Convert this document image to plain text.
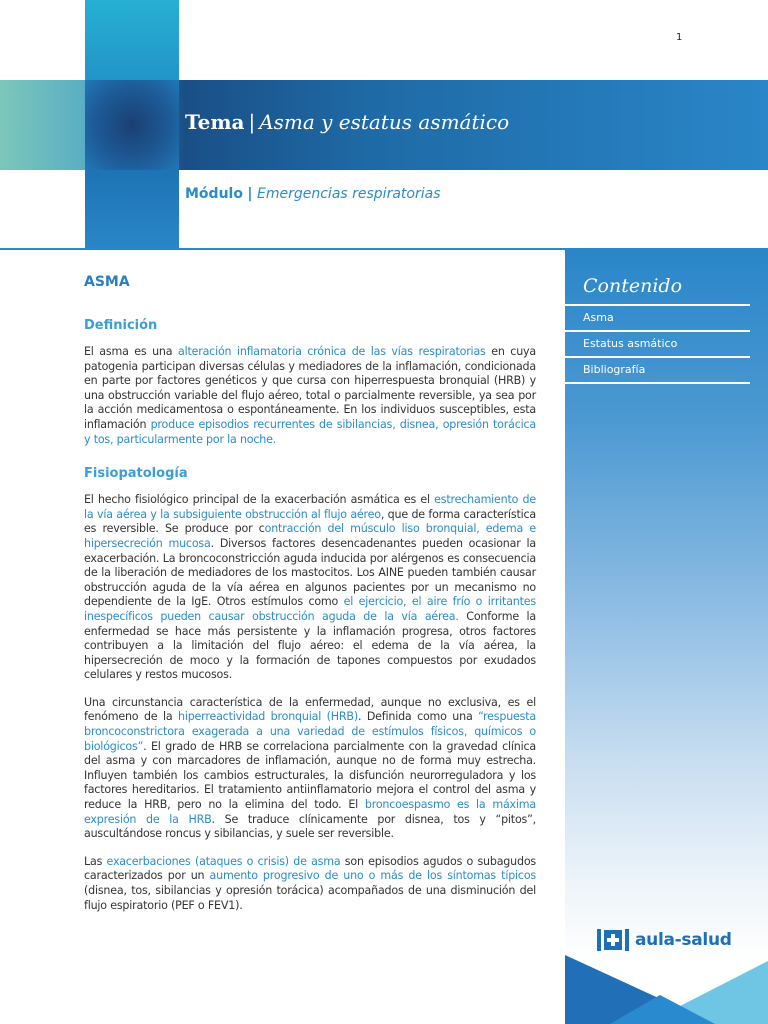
1
Tema | Asma y estatus asmático
Módulo | Emergencias respiratorias
ASMA
Definición
El asma es una alteración inflamatoria crónica de las vías respiratorias en cuya patogenia participan diversas células y mediadores de la inflamación, condicionada en parte por factores genéticos y que cursa con hiperrespuesta bronquial (HRB) y una obstrucción variable del flujo aéreo, total o parcialmente reversible, ya sea por la acción medicamentosa o espontáneamente. En los individuos susceptibles, esta inflamación produce episodios recurrentes de sibilancias, disnea, opresión torácica y tos, particularmente por la noche.
Fisiopatología
El hecho fisiológico principal de la exacerbación asmática es el estrechamiento de la vía aérea y la subsiguiente obstrucción al flujo aéreo, que de forma característica es reversible. Se produce por contracción del músculo liso bronquial, edema e hipersecreción mucosa. Diversos factores desencadenantes pueden ocasionar la exacerbación. La broncoconstricción aguda inducida por alérgenos es consecuencia de la liberación de mediadores de los mastocitos. Los AINE pueden también causar obstrucción aguda de la vía aérea en algunos pacientes por un mecanismo no dependiente de la IgE. Otros estímulos como el ejercicio, el aire frío o irritantes inespecíficos pueden causar obstrucción aguda de la vía aérea. Conforme la enfermedad se hace más persistente y la inflamación progresa, otros factores contribuyen a la limitación del flujo aéreo: el edema de la vía aérea, la hipersecreción de moco y la formación de tapones compuestos por exudados celulares y restos mucosos.
Una circunstancia característica de la enfermedad, aunque no exclusiva, es el fenómeno de la hiperreactividad bronquial (HRB). Definida como una “respuesta broncoconstrictora exagerada a una variedad de estímulos físicos, químicos o biológicos”. El grado de HRB se correlaciona parcialmente con la gravedad clínica del asma y con marcadores de inflamación, aunque no de forma muy estrecha. Influyen también los cambios estructurales, la disfunción neurorreguladora y los factores hereditarios. El tratamiento antiinflamatorio mejora el control del asma y reduce la HRB, pero no la elimina del todo. El broncoespasmo es la máxima expresión de la HRB. Se traduce clínicamente por disnea, tos y “pitos”, auscultándose roncus y sibilancias, y suele ser reversible.
Las exacerbaciones (ataques o crisis) de asma son episodios agudos o subagudos caracterizados por un aumento progresivo de uno o más de los síntomas típicos (disnea, tos, sibilancias y opresión torácica) acompañados de una disminución del flujo espiratorio (PEF o FEV1).
Contenido
Asma
Estatus asmático
Bibliografía
aula-salud
